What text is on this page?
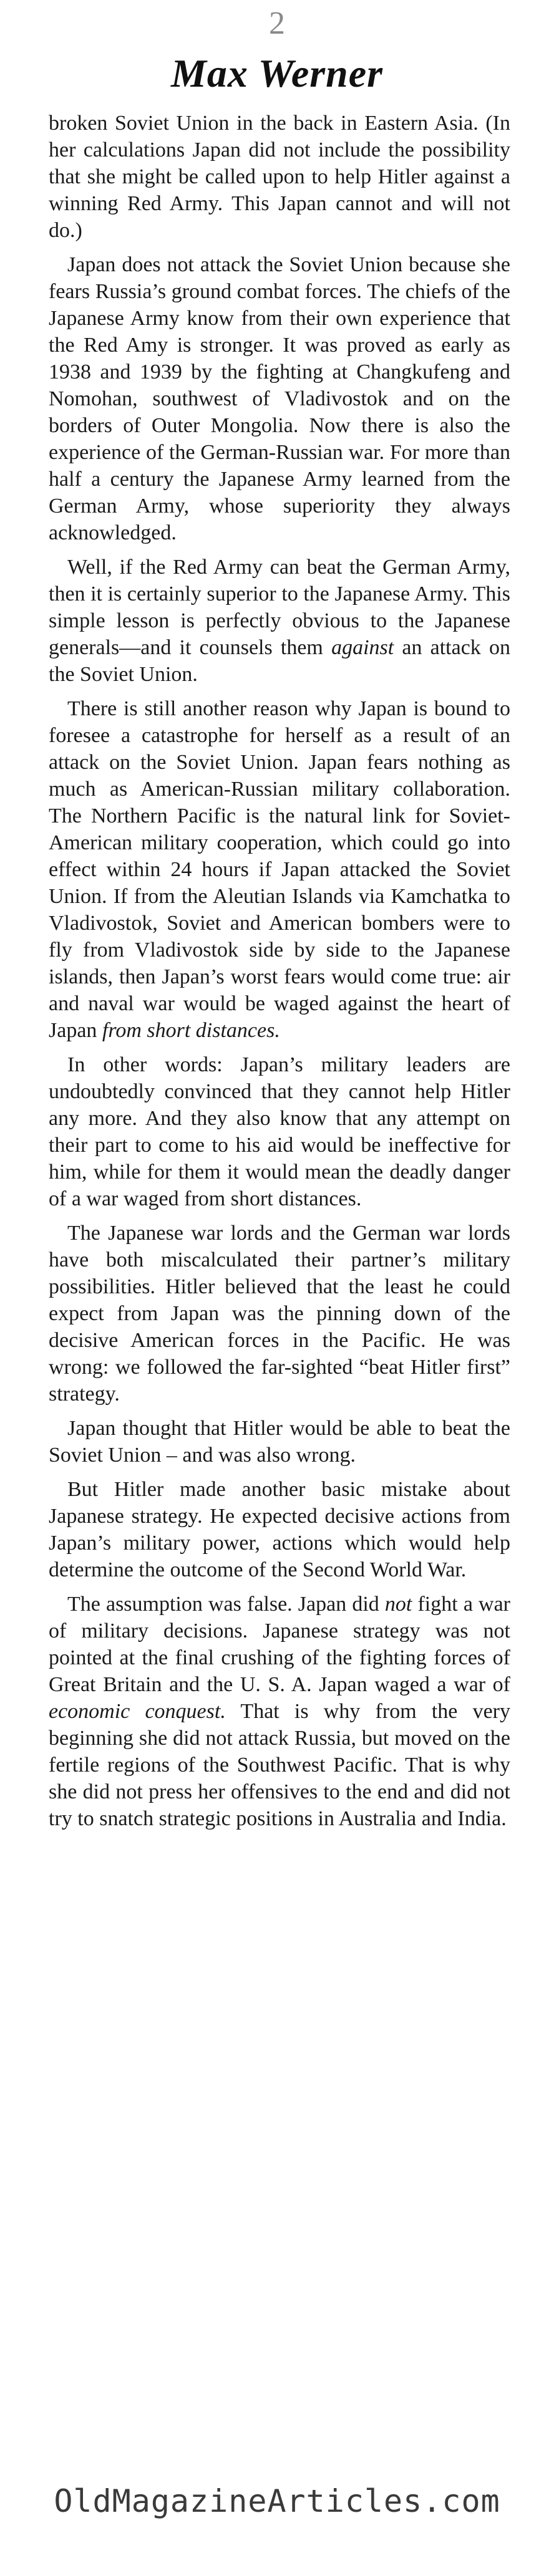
2
Max Werner

broken Soviet Union in the back in Eastern Asia. (In her calculations Japan did not include the possibility that she might be called upon to help Hitler against a winning Red Army. This Japan cannot and will not do.)

Japan does not attack the Soviet Union because she fears Russia’s ground combat forces. The chiefs of the Japanese Army know from their own experience that the Red Amy is stronger. It was proved as early as 1938 and 1939 by the fighting at Changkufeng and Nomohan, southwest of Vladivostok and on the borders of Outer Mongolia. Now there is also the experience of the German-Russian war. For more than half a century the Japanese Army learned from the German Army, whose superiority they always acknowledged.

Well, if the Red Army can beat the German Army, then it is certainly superior to the Japanese Army. This simple lesson is perfectly obvious to the Japanese generals—and it counsels them against an attack on the Soviet Union.

There is still another reason why Japan is bound to foresee a catastrophe for herself as a result of an attack on the Soviet Union. Japan fears nothing as much as American-Russian military collaboration. The Northern Pacific is the natural link for Soviet-American military cooperation, which could go into effect within 24 hours if Japan attacked the Soviet Union. If from the Aleutian Islands via Kamchatka to Vladivostok, Soviet and American bombers were to fly from Vladivostok side by side to the Japanese islands, then Japan’s worst fears would come true: air and naval war would be waged against the heart of Japan from short distances.

In other words: Japan’s military leaders are undoubtedly convinced that they cannot help Hitler any more. And they also know that any attempt on their part to come to his aid would be ineffective for him, while for them it would mean the deadly danger of a war waged from short distances.

The Japanese war lords and the German war lords have both miscalculated their partner’s military possibilities. Hitler believed that the least he could expect from Japan was the pinning down of the decisive American forces in the Pacific. He was wrong: we followed the far-sighted “beat Hitler first” strategy.

Japan thought that Hitler would be able to beat the Soviet Union – and was also wrong.

But Hitler made another basic mistake about Japanese strategy. He expected decisive actions from Japan’s military power, actions which would help determine the outcome of the Second World War.

The assumption was false. Japan did not fight a war of military decisions. Japanese strategy was not pointed at the final crushing of the fighting forces of Great Britain and the U. S. A. Japan waged a war of economic conquest. That is why from the very beginning she did not attack Russia, but moved on the fertile regions of the Southwest Pacific. That is why she did not press her offensives to the end and did not try to snatch strategic positions in Australia and India.

OldMagazineArticles.com
